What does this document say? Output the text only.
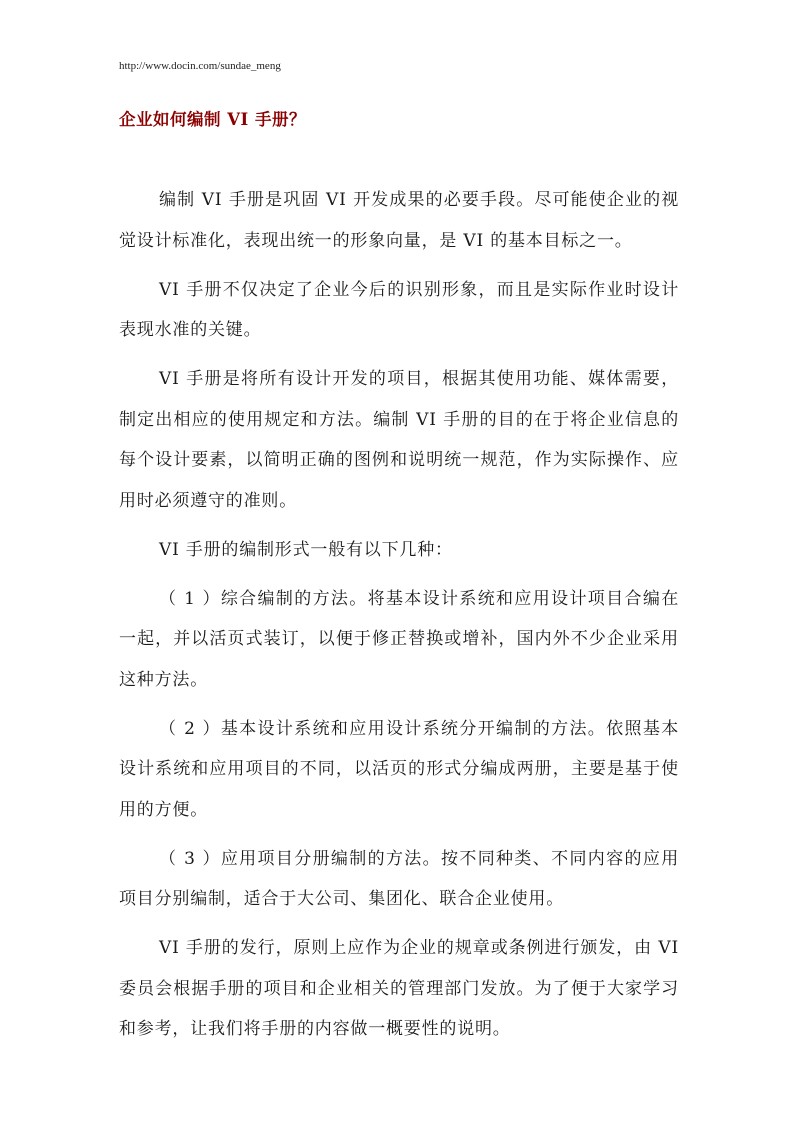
http://www.docin.com/sundae_meng
企业如何编制 VI 手册？

编制 VI 手册是巩固 VI 开发成果的必要手段。尽可能使企业的视觉设计标准化，表现出统一的形象向量，是 VI 的基本目标之一。

VI 手册不仅决定了企业今后的识别形象，而且是实际作业时设计表现水准的关键。

VI 手册是将所有设计开发的项目，根据其使用功能、媒体需要，制定出相应的使用规定和方法。编制 VI 手册的目的在于将企业信息的每个设计要素，以简明正确的图例和说明统一规范，作为实际操作、应用时必须遵守的准则。

VI 手册的编制形式一般有以下几种：

（ 1 ）综合编制的方法。将基本设计系统和应用设计项目合编在一起，并以活页式装订，以便于修正替换或增补，国内外不少企业采用这种方法。

（ 2 ）基本设计系统和应用设计系统分开编制的方法。依照基本设计系统和应用项目的不同，以活页的形式分编成两册，主要是基于使用的方便。

（ 3 ）应用项目分册编制的方法。按不同种类、不同内容的应用项目分别编制，适合于大公司、集团化、联合企业使用。

VI 手册的发行，原则上应作为企业的规章或条例进行颁发，由 VI 委员会根据手册的项目和企业相关的管理部门发放。为了便于大家学习和参考，让我们将手册的内容做一概要性的说明。
